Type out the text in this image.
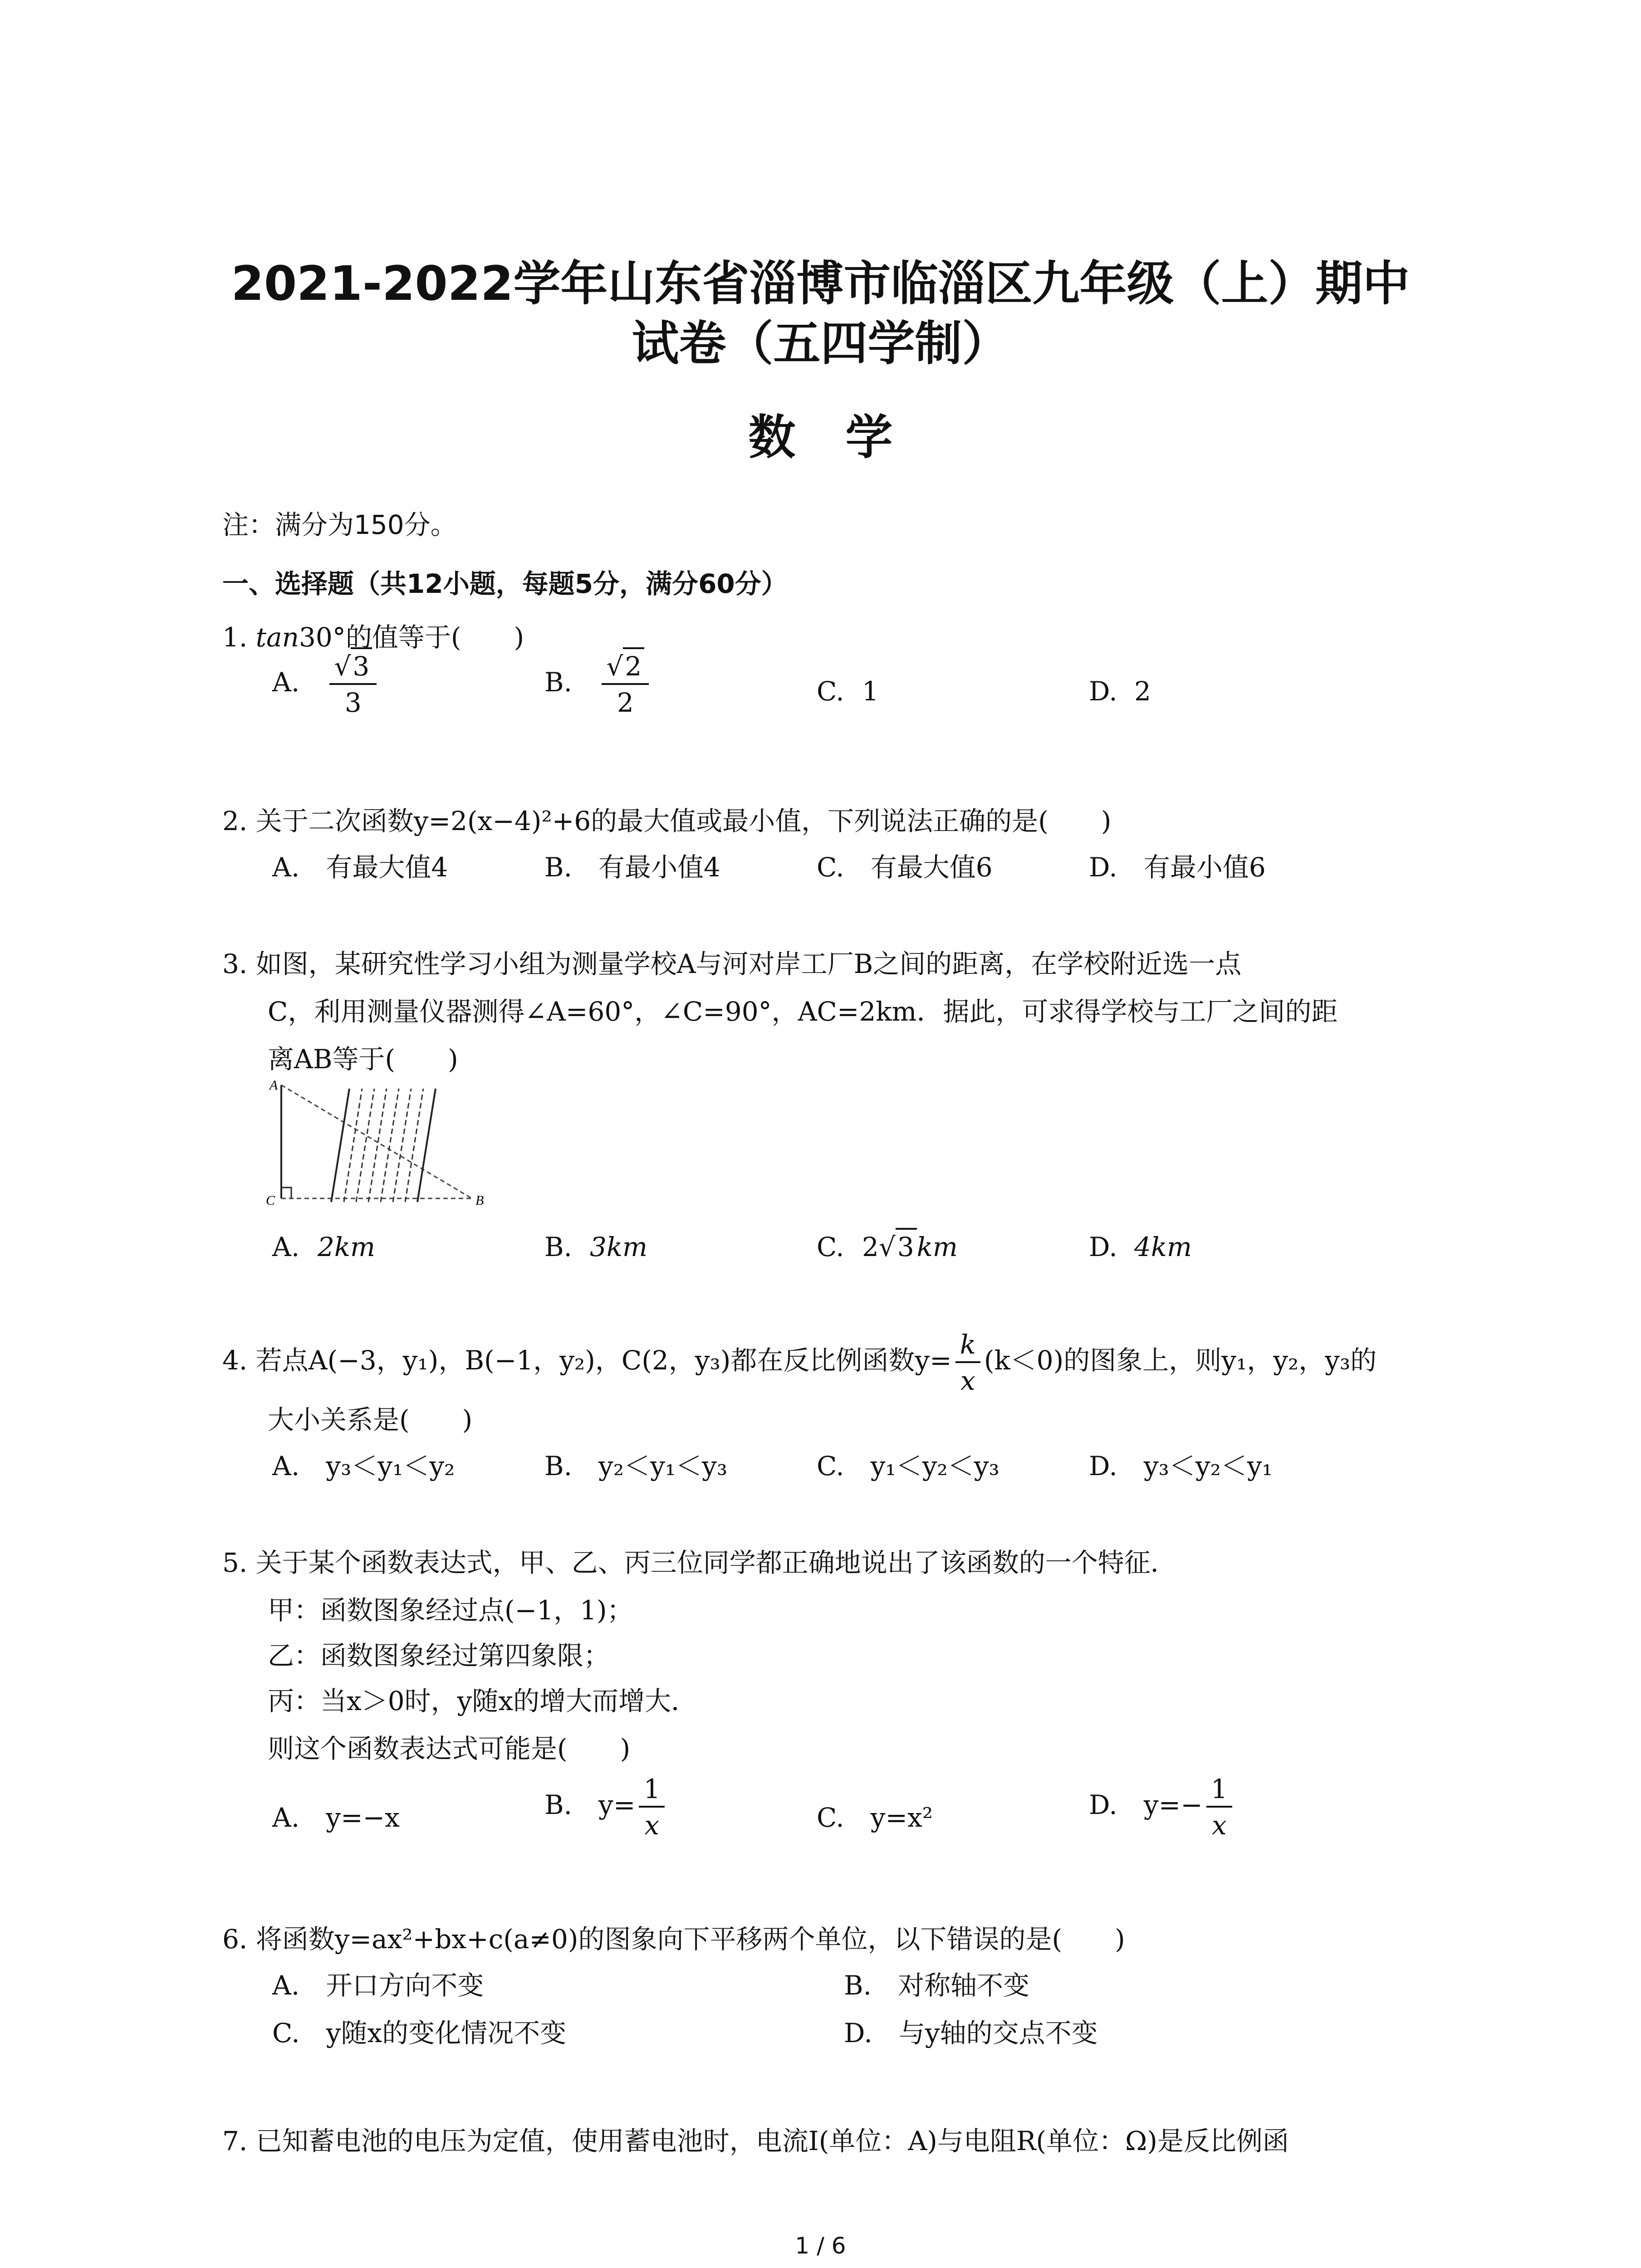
2021-2022学年山东省淄博市临淄区九年级（上）期中
试卷（五四学制）
数学
注：满分为150分。
一、选择题（共12小题，每题5分，满分60分）
1. tan30°的值等于(　　)
A. $\frac{√3}{3}$	B. $\frac{√2}{2}$	C. 1	D. 2
2. 关于二次函数y=2(x−4)²+6的最大值或最小值，下列说法正确的是(　　)
A.　有最大值4	B.　有最小值4	C.　有最大值6	D.　有最小值6
3. 如图，某研究性学习小组为测量学校A与河对岸工厂B之间的距离，在学校附近选一点
C，利用测量仪器测得∠A=60°，∠C=90°，AC=2km．据此，可求得学校与工厂之间的距
离AB等于(　　)
A
C	B
A. 2km	B. 3km	C. 2√3 km	D. 4km
4. 若点A(−3，y₁)，B(−1，y₂)，C(2，y₃)都在反比例函数$y= \frac{k}{x} (k<0)$的图象上，则y₁，y₂，y₃的
大小关系是(　　)
A.　y₃＜y₁＜y₂	B.　y₂＜y₁＜y₃	C.　y₁＜y₂＜y₃	D.　y₃＜y₂＜y₁
5. 关于某个函数表达式，甲、乙、丙三位同学都正确地说出了该函数的一个特征．
甲：函数图象经过点(−1，1)；
乙：函数图象经过第四象限；
丙：当x＞0时，y随x的增大而增大．
则这个函数表达式可能是(　　)
A.　y=−x	B.　$y= \frac{1}{x}$	C.　y=x²	D.　$y=- \frac{1}{x}$
6. 将函数y=ax²+bx+c(a≠0)的图象向下平移两个单位，以下错误的是(　　)
A.　开口方向不变	B.　对称轴不变
C.　y随x的变化情况不变	D.　与y轴的交点不变
7. 已知蓄电池的电压为定值，使用蓄电池时，电流I(单位：A)与电阻R(单位：Ω)是反比例函
1 / 6
